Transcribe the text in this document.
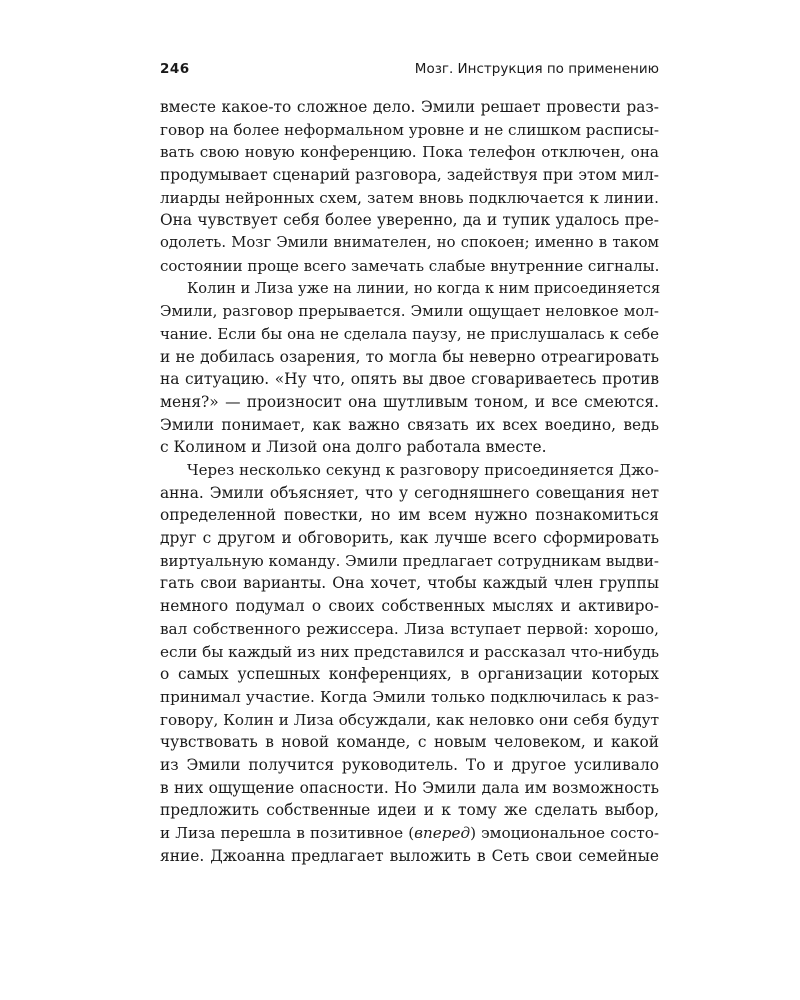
246	Мозг. Инструкция по применению
вместе какое-то сложное дело. Эмили решает провести раз-
говор на более неформальном уровне и не слишком расписы-
вать свою новую конференцию. Пока телефон отключен, она
продумывает сценарий разговора, задействуя при этом мил-
лиарды нейронных схем, затем вновь подключается к линии.
Она чувствует себя более уверенно, да и тупик удалось пре-
одолеть. Мозг Эмили внимателен, но спокоен; именно в таком
состоянии проще всего замечать слабые внутренние сигналы.
Колин и Лиза уже на линии, но когда к ним присоединяется
Эмили, разговор прерывается. Эмили ощущает неловкое мол-
чание. Если бы она не сделала паузу, не прислушалась к себе
и не добилась озарения, то могла бы неверно отреагировать
на ситуацию. «Ну что, опять вы двое сговариваетесь против
меня?» — произносит она шутливым тоном, и все смеются.
Эмили понимает, как важно связать их всех воедино, ведь
с Колином и Лизой она долго работала вместе.
Через несколько секунд к разговору присоединяется Джо-
анна. Эмили объясняет, что у сегодняшнего совещания нет
определенной повестки, но им всем нужно познакомиться
друг с другом и обговорить, как лучше всего сформировать
виртуальную команду. Эмили предлагает сотрудникам выдви-
гать свои варианты. Она хочет, чтобы каждый член группы
немного подумал о своих собственных мыслях и активиро-
вал собственного режиссера. Лиза вступает первой: хорошо,
если бы каждый из них представился и рассказал что-нибудь
о самых успешных конференциях, в организации которых
принимал участие. Когда Эмили только подключилась к раз-
говору, Колин и Лиза обсуждали, как неловко они себя будут
чувствовать в новой команде, с новым человеком, и какой
из Эмили получится руководитель. То и другое усиливало
в них ощущение опасности. Но Эмили дала им возможность
предложить собственные идеи и к тому же сделать выбор,
и Лиза перешла в позитивное (вперед) эмоциональное состо-
яние. Джоанна предлагает выложить в Сеть свои семейные
